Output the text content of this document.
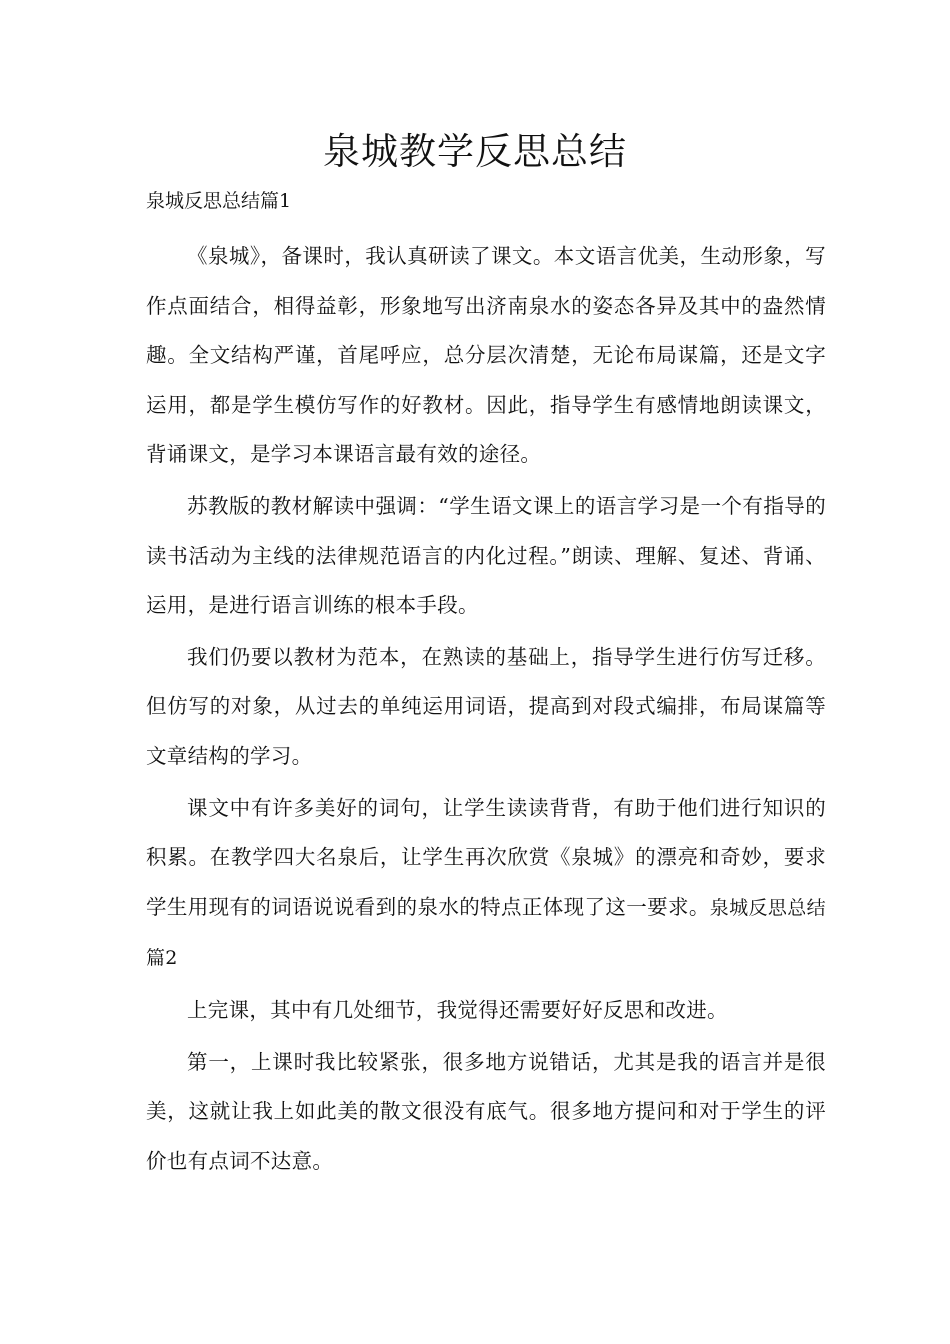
泉城教学反思总结

泉城反思总结篇1

《泉城》，备课时，我认真研读了课文。本文语言优美，生动形象，写作点面结合，相得益彰，形象地写出济南泉水的姿态各异及其中的盎然情趣。全文结构严谨，首尾呼应，总分层次清楚，无论布局谋篇，还是文字运用，都是学生模仿写作的好教材。因此，指导学生有感情地朗读课文，背诵课文，是学习本课语言最有效的途径。

苏教版的教材解读中强调：“学生语文课上的语言学习是一个有指导的读书活动为主线的法律规范语言的内化过程。”朗读、理解、复述、背诵、运用，是进行语言训练的根本手段。

我们仍要以教材为范本，在熟读的基础上，指导学生进行仿写迁移。但仿写的对象，从过去的单纯运用词语，提高到对段式编排，布局谋篇等文章结构的学习。

课文中有许多美好的词句，让学生读读背背，有助于他们进行知识的积累。在教学四大名泉后，让学生再次欣赏《泉城》的漂亮和奇妙，要求学生用现有的词语说说看到的泉水的特点正体现了这一要求。泉城反思总结篇2

上完课，其中有几处细节，我觉得还需要好好反思和改进。

第一，上课时我比较紧张，很多地方说错话，尤其是我的语言并是很美，这就让我上如此美的散文很没有底气。很多地方提问和对于学生的评价也有点词不达意。
